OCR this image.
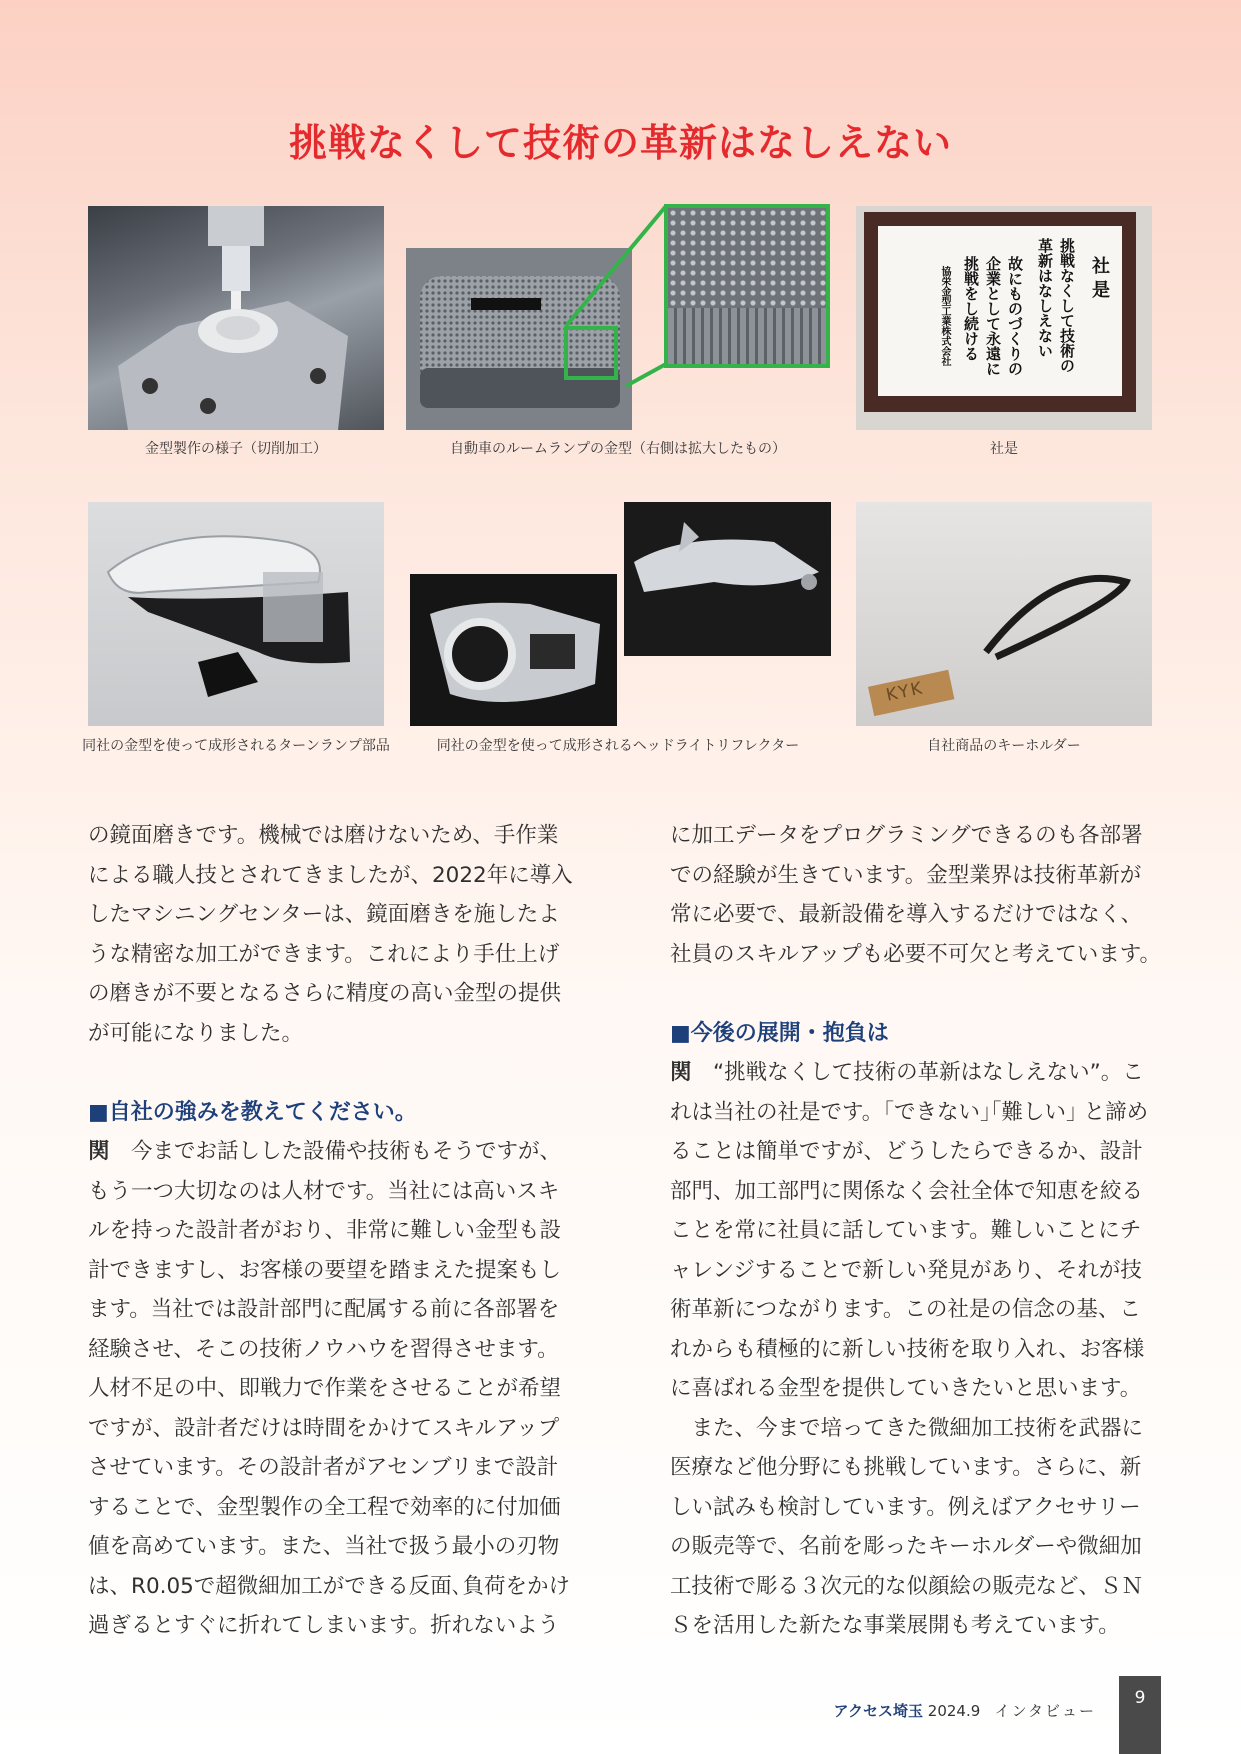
挑戦なくして技術の革新はなしえない
金型製作の様子（切削加工）	自動車のルームランプの金型（右側は拡大したもの）
社 是
挑戦なくして技術の
革新はなしえない
故にものづくりの
企業として永遠に
挑戦をし続ける
協栄金型工業株式会社
社是
同社の金型を使って成形されるターンランプ部品	同社の金型を使って成形されるヘッドライトリフレクター
KYK
自社商品のキーホルダー

の鏡面磨きです。機械では磨けないため、手作業

による職人技とされてきましたが、2022年に導入

したマシニングセンターは、鏡面磨きを施したよ

うな精密な加工ができます。これにより手仕上げ

の磨きが不要となるさらに精度の高い金型の提供

が可能になりました。

■自社の強みを教えてください。

関　今までお話しした設備や技術もそうですが、

もう一つ大切なのは人材です。当社には高いスキ

ルを持った設計者がおり、非常に難しい金型も設

計できますし、お客様の要望を踏まえた提案もし

ます。当社では設計部門に配属する前に各部署を

経験させ、そこの技術ノウハウを習得させます。

人材不足の中、即戦力で作業をさせることが希望

ですが、設計者だけは時間をかけてスキルアップ

させています。その設計者がアセンブリまで設計

することで、金型製作の全工程で効率的に付加価

値を高めています。また、当社で扱う最小の刃物

は、R0.05で超微細加工ができる反面､負荷をかけ

過ぎるとすぐに折れてしまいます。折れないよう

に加工データをプログラミングできるのも各部署

での経験が生きています。金型業界は技術革新が

常に必要で、最新設備を導入するだけではなく、

社員のスキルアップも必要不可欠と考えています。

■今後の展開・抱負は

関　“挑戦なくして技術の革新はなしえない”。こ

れは当社の社是です。｢できない｣｢難しい｣ と諦め

ることは簡単ですが、どうしたらできるか、設計

部門、加工部門に関係なく会社全体で知恵を絞る

ことを常に社員に話しています。難しいことにチ

ャレンジすることで新しい発見があり、それが技

術革新につながります。この社是の信念の基、こ

れからも積極的に新しい技術を取り入れ、お客様

に喜ばれる金型を提供していきたいと思います。

　また、今まで培ってきた微細加工技術を武器に

医療など他分野にも挑戦しています。さらに、新

しい試みも検討しています。例えばアクセサリー

の販売等で、名前を彫ったキーホルダーや微細加

工技術で彫る３次元的な似顔絵の販売など、ＳＮ

Ｓを活用した新たな事業展開も考えています。

アクセス埼玉 2024.9 インタビュー
9
